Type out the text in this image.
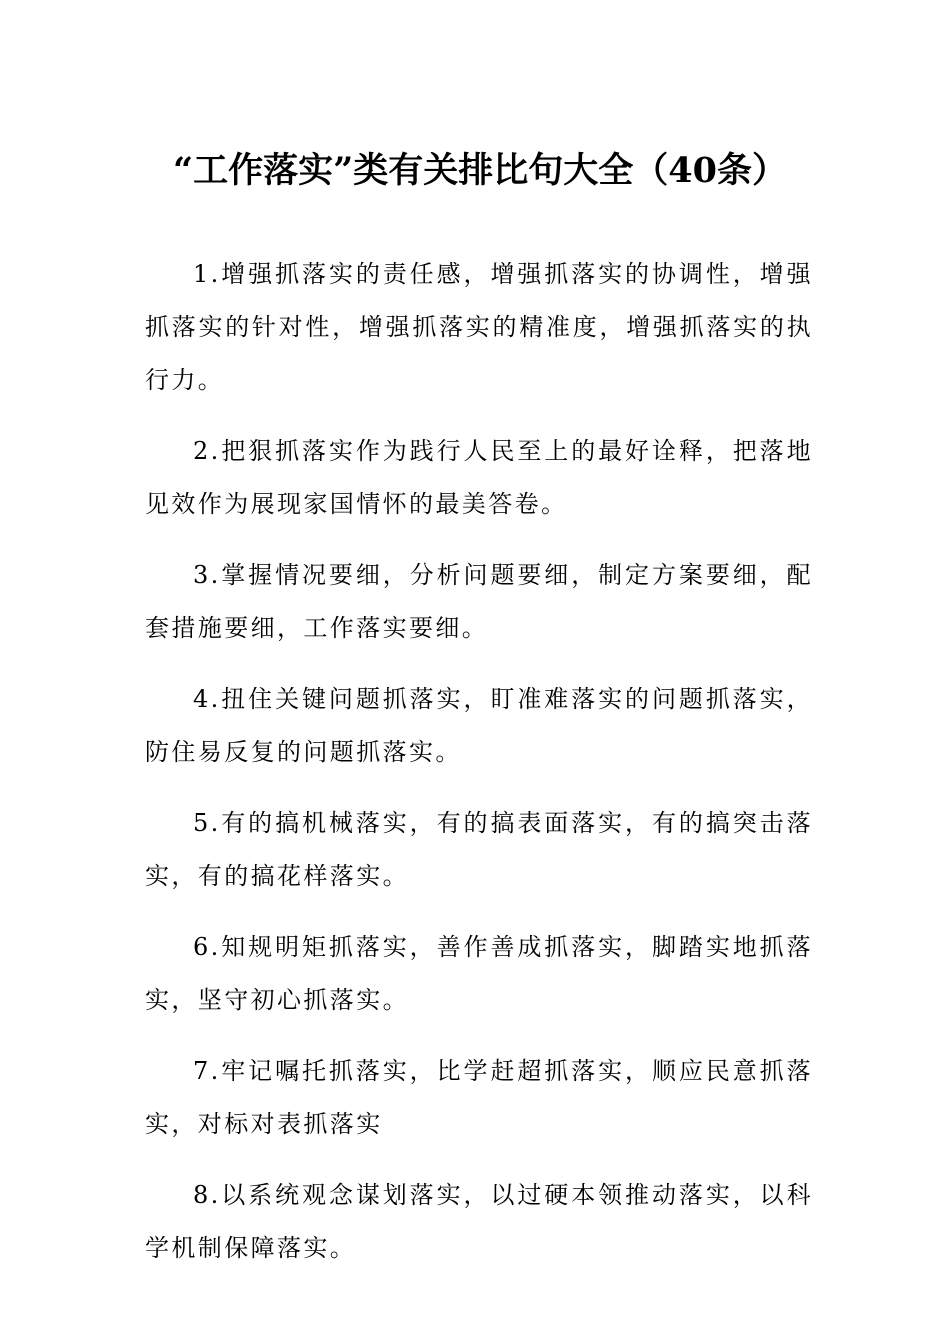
“工作落实”类有关排比句大全（40条）

1.增强抓落实的责任感，增强抓落实的协调性，增强抓落实的针对性，增强抓落实的精准度，增强抓落实的执行力。

2.把狠抓落实作为践行人民至上的最好诠释，把落地见效作为展现家国情怀的最美答卷。

3.掌握情况要细，分析问题要细，制定方案要细，配套措施要细，工作落实要细。

4.扭住关键问题抓落实，盯准难落实的问题抓落实，防住易反复的问题抓落实。

5.有的搞机械落实，有的搞表面落实，有的搞突击落实，有的搞花样落实。

6.知规明矩抓落实，善作善成抓落实，脚踏实地抓落实，坚守初心抓落实。

7.牢记嘱托抓落实，比学赶超抓落实，顺应民意抓落实，对标对表抓落实

8.以系统观念谋划落实，以过硬本领推动落实，以科学机制保障落实。
